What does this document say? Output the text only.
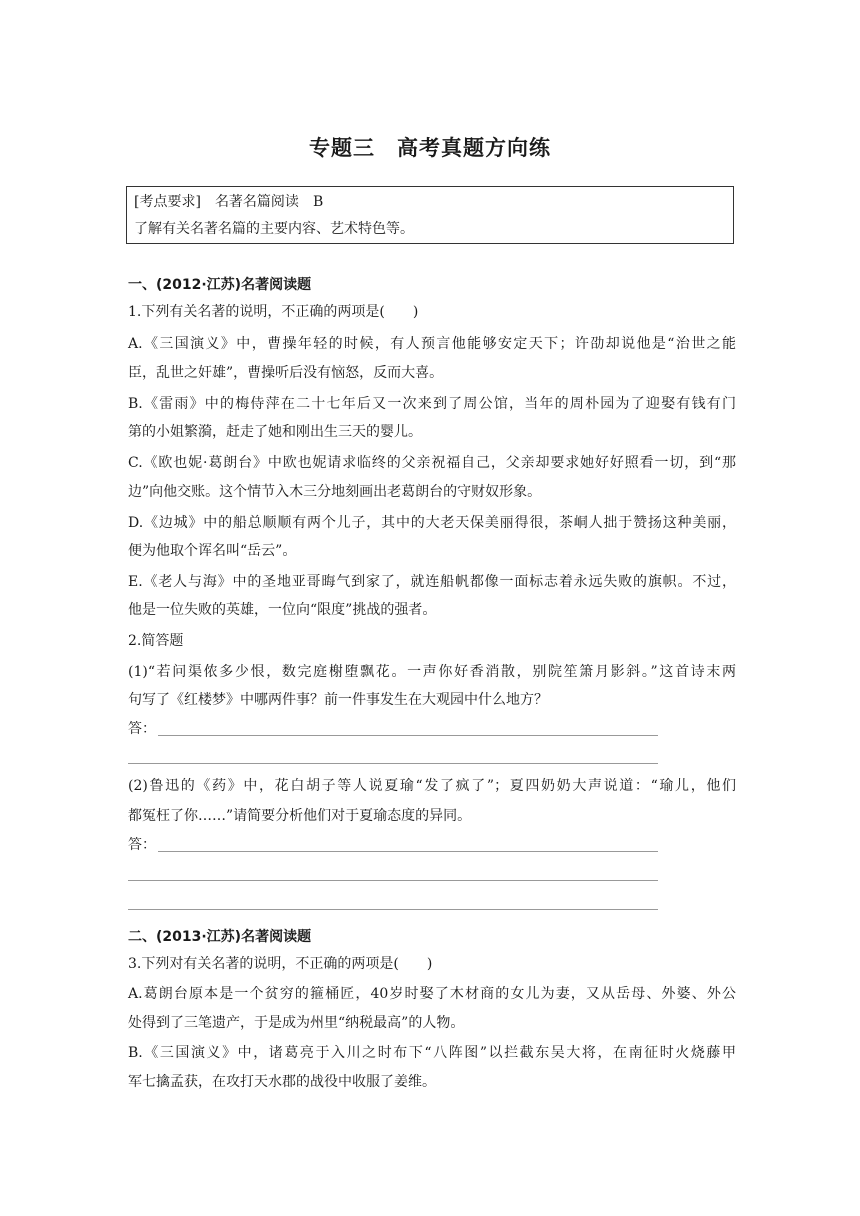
专题三　高考真题方向练
[考点要求] 名著名篇阅读 B
了解有关名著名篇的主要内容、艺术特色等。
一、(2012·江苏)名著阅读题
1.下列有关名著的说明，不正确的两项是(　　)
A.《三国演义》中，曹操年轻的时候，有人预言他能够安定天下；许劭却说他是“治世之能
臣，乱世之奸雄”，曹操听后没有恼怒，反而大喜。
B.《雷雨》中的梅侍萍在二十七年后又一次来到了周公馆，当年的周朴园为了迎娶有钱有门
第的小姐繁漪，赶走了她和刚出生三天的婴儿。
C.《欧也妮·葛朗台》中欧也妮请求临终的父亲祝福自己，父亲却要求她好好照看一切，到“那
边”向他交账。这个情节入木三分地刻画出老葛朗台的守财奴形象。
D.《边城》中的船总顺顺有两个儿子，其中的大老天保美丽得很，茶峒人拙于赞扬这种美丽，
便为他取个诨名叫“岳云”。
E.《老人与海》中的圣地亚哥晦气到家了，就连船帆都像一面标志着永远失败的旗帜。不过，
他是一位失败的英雄，一位向“限度”挑战的强者。
2.简答题
(1)“若问渠侬多少恨，数完庭榭堕飘花。一声你好香消散，别院笙箫月影斜。”这首诗末两
句写了《红楼梦》中哪两件事？前一件事发生在大观园中什么地方？
答：
(2)鲁迅的《药》中，花白胡子等人说夏瑜“发了疯了”；夏四奶奶大声说道：“瑜儿，他们
都冤枉了你……”请简要分析他们对于夏瑜态度的异同。
答：
二、(2013·江苏)名著阅读题
3.下列对有关名著的说明，不正确的两项是(　　)
A.葛朗台原本是一个贫穷的箍桶匠，40岁时娶了木材商的女儿为妻，又从岳母、外婆、外公
处得到了三笔遗产，于是成为州里“纳税最高”的人物。
B.《三国演义》中，诸葛亮于入川之时布下“八阵图”以拦截东吴大将，在南征时火烧藤甲
军七擒孟获，在攻打天水郡的战役中收服了姜维。
